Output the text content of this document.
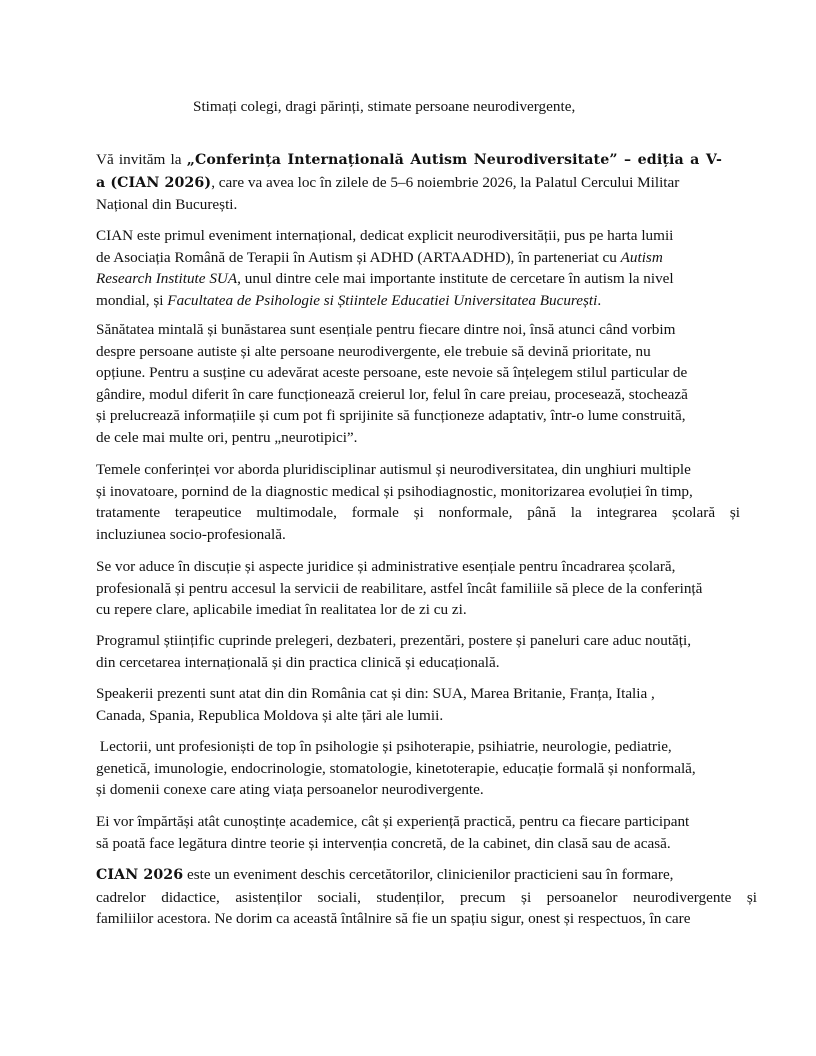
Stimați colegi, dragi părinți, stimate persoane neurodivergente,
Vă invităm la „Conferința Internațională Autism Neurodiversitate” – ediția a V-
a (CIAN 2026), care va avea loc în zilele de 5–6 noiembrie 2026, la Palatul Cercului Militar
Național din București.
CIAN este primul eveniment internațional, dedicat explicit neurodiversității, pus pe harta lumii
de Asociația Română de Terapii în Autism și ADHD (ARTAADHD), în parteneriat cu Autism
Research Institute SUA, unul dintre cele mai importante institute de cercetare în autism la nivel
mondial, și Facultatea de Psihologie si Știintele Educatiei Universitatea București.
Sănătatea mintală și bunăstarea sunt esențiale pentru fiecare dintre noi, însă atunci când vorbim
despre persoane autiste și alte persoane neurodivergente, ele trebuie să devină prioritate, nu
opțiune. Pentru a susține cu adevărat aceste persoane, este nevoie să înțelegem stilul particular de
gândire, modul diferit în care funcționează creierul lor, felul în care preiau, procesează, stochează
și prelucrează informațiile și cum pot fi sprijinite să funcționeze adaptativ, într-o lume construită,
de cele mai multe ori, pentru „neurotipici”.
Temele conferinței vor aborda pluridisciplinar autismul și neurodiversitatea, din unghiuri multiple
și inovatoare, pornind de la diagnostic medical și psihodiagnostic, monitorizarea evoluției în timp,
tratamente terapeutice multimodale, formale și nonformale, până la integrarea școlară și
incluziunea socio-profesională.
Se vor aduce în discuție și aspecte juridice și administrative esențiale pentru încadrarea școlară,
profesională și pentru accesul la servicii de reabilitare, astfel încât familiile să plece de la conferință
cu repere clare, aplicabile imediat în realitatea lor de zi cu zi.
Programul științific cuprinde prelegeri, dezbateri, prezentări, postere și paneluri care aduc noutăți,
din cercetarea internațională și din practica clinică și educațională.
Speakerii prezenti sunt atat din din România cat și din: SUA, Marea Britanie, Franța, Italia ,
Canada, Spania, Republica Moldova și alte țări ale lumii.
Lectorii, unt profesioniști de top în psihologie și psihoterapie, psihiatrie, neurologie, pediatrie,
genetică, imunologie, endocrinologie, stomatologie, kinetoterapie, educație formală și nonformală,
și domenii conexe care ating viața persoanelor neurodivergente.
Ei vor împărtăși atât cunoștințe academice, cât și experiență practică, pentru ca fiecare participant
să poată face legătura dintre teorie și intervenția concretă, de la cabinet, din clasă sau de acasă.
CIAN 2026 este un eveniment deschis cercetătorilor, clinicienilor practicieni sau în formare,
cadrelor didactice, asistenților sociali, studenților, precum și persoanelor neurodivergente și
familiilor acestora. Ne dorim ca această întâlnire să fie un spațiu sigur, onest și respectuos, în care
